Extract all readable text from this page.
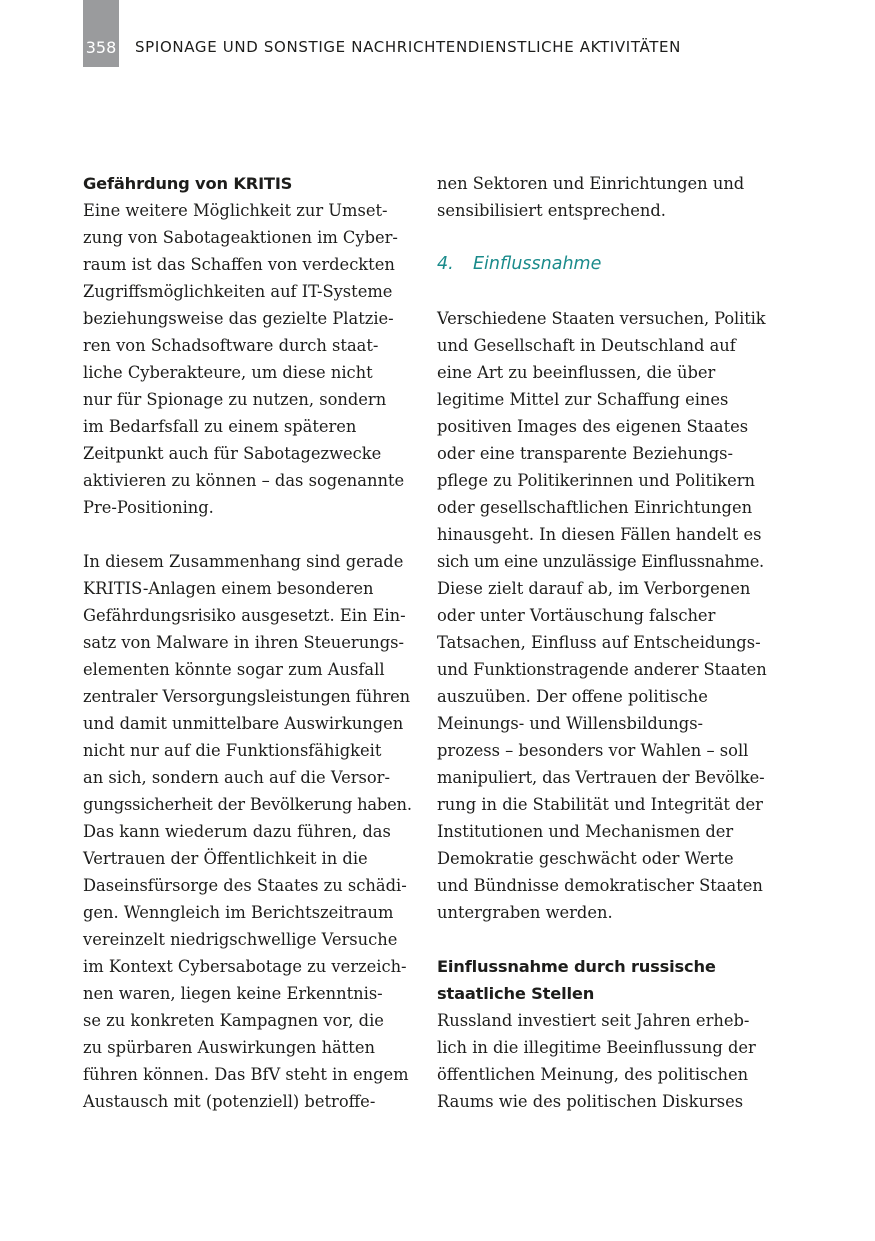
358 SPIONAGE UND SONSTIGE NACHRICHTENDIENSTLICHE AKTIVITÄTEN
Gefährdung von KRITIS
Eine weitere Möglichkeit zur Umset-
zung von Sabotageaktionen im Cyber-
raum ist das Schaffen von verdeckten
Zugriffsmöglichkeiten auf IT-Systeme
beziehungsweise das gezielte Platzie-
ren von Schadsoftware durch staat-
liche Cyberakteure, um diese nicht
nur für Spionage zu nutzen, sondern
im Bedarfsfall zu einem späteren
Zeitpunkt auch für Sabotagezwecke
aktivieren zu können – das sogenannte
Pre-Positioning.
In diesem Zusammenhang sind gerade
KRITIS-Anlagen einem besonderen
Gefährdungsrisiko ausgesetzt. Ein Ein-
satz von Malware in ihren Steuerungs-
elementen könnte sogar zum Ausfall
zentraler Versorgungsleistungen führen
und damit unmittelbare Auswirkungen
nicht nur auf die Funktionsfähigkeit
an sich, sondern auch auf die Versor-
gungssicherheit der Bevölkerung haben.
Das kann wiederum dazu führen, das
Vertrauen der Öffentlichkeit in die
Daseinsfürsorge des Staates zu schädi-
gen. Wenngleich im Berichtszeitraum
vereinzelt niedrigschwellige Versuche
im Kontext Cybersabotage zu verzeich-
nen waren, liegen keine Erkenntnis-
se zu konkreten Kampagnen vor, die
zu spürbaren Auswirkungen hätten
führen können. Das BfV steht in engem
Austausch mit (potenziell) betroffe-
nen Sektoren und Einrichtungen und
sensibilisiert entsprechend.
4. Einflussnahme
Verschiedene Staaten versuchen, Politik
und Gesellschaft in Deutschland auf
eine Art zu beeinflussen, die über
legitime Mittel zur Schaffung eines
positiven Images des eigenen Staates
oder eine transparente Beziehungs-
pflege zu Politikerinnen und Politikern
oder gesellschaftlichen Einrichtungen
hinausgeht. In diesen Fällen handelt es
sich um eine unzulässige Einflussnahme.
Diese zielt darauf ab, im Verborgenen
oder unter Vortäuschung falscher
Tatsachen, Einfluss auf Entscheidungs-
und Funktionstragende anderer Staaten
auszuüben. Der offene politische
Meinungs- und Willensbildungs-
prozess – besonders vor Wahlen – soll
manipuliert, das Vertrauen der Bevölke-
rung in die Stabilität und Integrität der
Institutionen und Mechanismen der
Demokratie geschwächt oder Werte
und Bündnisse demokratischer Staaten
untergraben werden.
Einflussnahme durch russische
staatliche Stellen
Russland investiert seit Jahren erheb-
lich in die illegitime Beeinflussung der
öffentlichen Meinung, des politischen
Raums wie des politischen Diskurses
